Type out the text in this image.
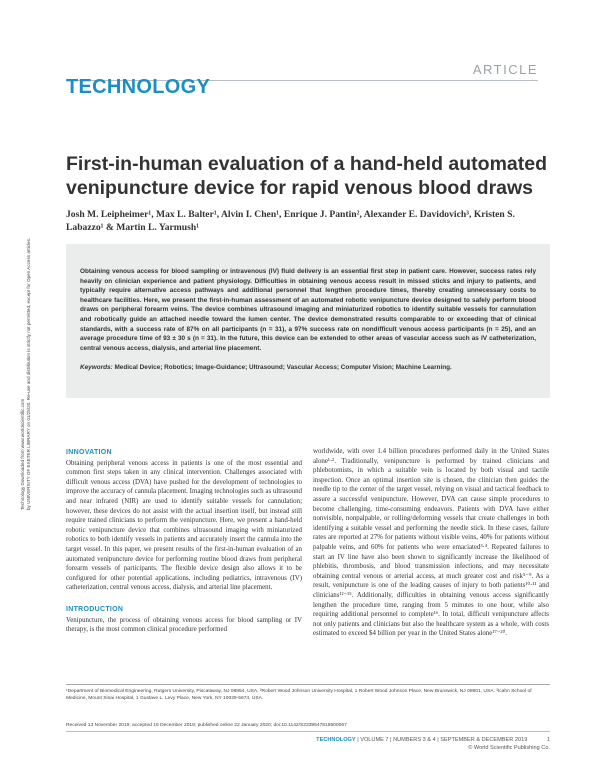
Technology Downloaded from www.worldscientific.com by UNIVERSITY OF EXETER LIBRARY on 01/25/20. Re-use and distribution is strictly not permitted, except for Open Access articles.
ARTICLE
TECHNOLOGY
First-in-human evaluation of a hand-held automated venipuncture device for rapid venous blood draws
Josh M. Leipheimer¹, Max L. Balter¹, Alvin I. Chen¹, Enrique J. Pantin², Alexander E. Davidovich³, Kristen S. Labazzo¹ & Martin L. Yarmush¹

Obtaining venous access for blood sampling or intravenous (IV) fluid delivery is an essential first step in patient care. However, success rates rely heavily on clinician experience and patient physiology. Difficulties in obtaining venous access result in missed sticks and injury to patients, and typically require alternative access pathways and additional personnel that lengthen procedure times, thereby creating unnecessary costs to healthcare facilities. Here, we present the first-in-human assessment of an automated robotic venipuncture device designed to safely perform blood draws on peripheral forearm veins. The device combines ultrasound imaging and miniaturized robotics to identify suitable vessels for cannulation and robotically guide an attached needle toward the lumen center. The device demonstrated results comparable to or exceeding that of clinical standards, with a success rate of 87% on all participants (n = 31), a 97% success rate on nondifficult venous access participants (n = 25), and an average procedure time of 93 ± 30 s (n = 31). In the future, this device can be extended to other areas of vascular access such as IV catheterization, central venous access, dialysis, and arterial line placement.

Keywords: Medical Device; Robotics; Image-Guidance; Ultrasound; Vascular Access; Computer Vision; Machine Learning.

INNOVATION

Obtaining peripheral venous access in patients is one of the most essential and common first steps taken in any clinical intervention. Challenges associated with difficult venous access (DVA) have pushed for the development of technologies to improve the accuracy of cannula placement. Imaging technologies such as ultrasound and near infrared (NIR) are used to identify suitable vessels for cannulation; however, these devices do not assist with the actual insertion itself, but instead still require trained clinicians to perform the venipuncture. Here, we present a hand-held robotic venipuncture device that combines ultrasound imaging with miniaturized robotics to both identify vessels in patients and accurately insert the cannula into the target vessel. In this paper, we present results of the first-in-human evaluation of an automated venipuncture device for performing routine blood draws from peripheral forearm vessels of participants. The flexible device design also allows it to be configured for other potential applications, including pediatrics, intravenous (IV) catheterization, central venous access, dialysis, and arterial line placement.

INTRODUCTION

Venipuncture, the process of obtaining venous access for blood sampling or IV therapy, is the most common clinical procedure performed

worldwide, with over 1.4 billion procedures performed daily in the United States alone¹‧². Traditionally, venipuncture is performed by trained clinicians and phlebotomists, in which a suitable vein is located by both visual and tactile inspection. Once an optimal insertion site is chosen, the clinician then guides the needle tip to the center of the target vessel, relying on visual and tactical feedback to assure a successful venipuncture. However, DVA can cause simple procedures to become challenging, time-consuming endeavors. Patients with DVA have either nonvisible, nonpalpable, or rolling/deforming vessels that create challenges in both identifying a suitable vessel and performing the needle stick. In these cases, failure rates are reported at 27% for patients without visible veins, 40% for patients without palpable veins, and 60% for patients who were emaciated³‧⁴. Repeated failures to start an IV line have also been shown to significantly increase the likelihood of phlebitis, thrombosis, and blood transmission infections, and may necessitate obtaining central venous or arterial access, at much greater cost and risk⁵⁻⁹. As a result, venipuncture is one of the leading causes of injury to both patients¹⁰‧¹¹ and clinicians¹²⁻¹⁵. Additionally, difficulties in obtaining venous access significantly lengthen the procedure time, ranging from 5 minutes to one hour, while also requiring additional personnel to complete¹⁶. In total, difficult venipuncture affects not only patients and clinicians but also the healthcare system as a whole, with costs estimated to exceed $4 billion per year in the United States alone¹⁷⁻²⁰.

¹Department of Biomedical Engineering, Rutgers University, Piscataway, NJ 08854, USA. ²Robert Wood Johnson University Hospital, 1 Robert Wood Johnson Place, New Brunswick, NJ 08901, USA. ³Icahn School of Medicine, Mount Sinai Hospital, 1 Gustave L. Levy Place, New York, NY 10029-5674, USA.
Received 13 November 2019; accepted 15 December 2019; published online 22 January 2020; doi:10.1142/S2339547819500067
TECHNOLOGY | VOLUME 7 | NUMBERS 3 & 4 | SEPTEMBER & DECEMBER 2019	1
© World Scientific Publishing Co.
